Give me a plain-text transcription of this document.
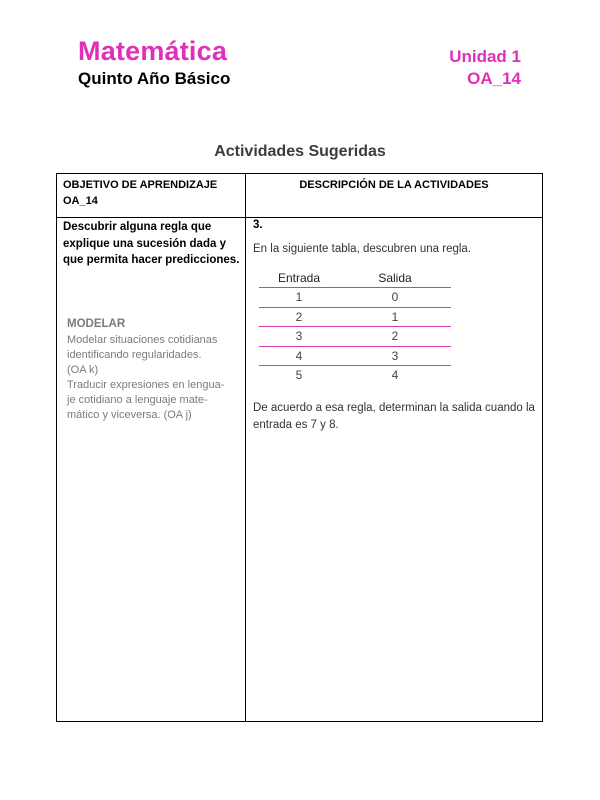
Matemática
Quinto Año Básico
Unidad 1
OA_14
Actividades Sugeridas
OBJETIVO DE APRENDIZAJE OA_14
DESCRIPCIÓN DE LA ACTIVIDADES
Descubrir alguna regla que explique una sucesión dada y que permita hacer predicciones.
MODELAR
Modelar situaciones cotidianas
identificando regularidades.
(OA k)
Traducir expresiones en lengua-
je cotidiano a lenguaje mate-
mático y viceversa. (OA j)
3.
En la siguiente tabla, descubren una regla.
Entrada	Salida
1	0
2	1
3	2
4	3
5	4
De acuerdo a esa regla, determinan la salida cuando la entrada es 7 y 8.
